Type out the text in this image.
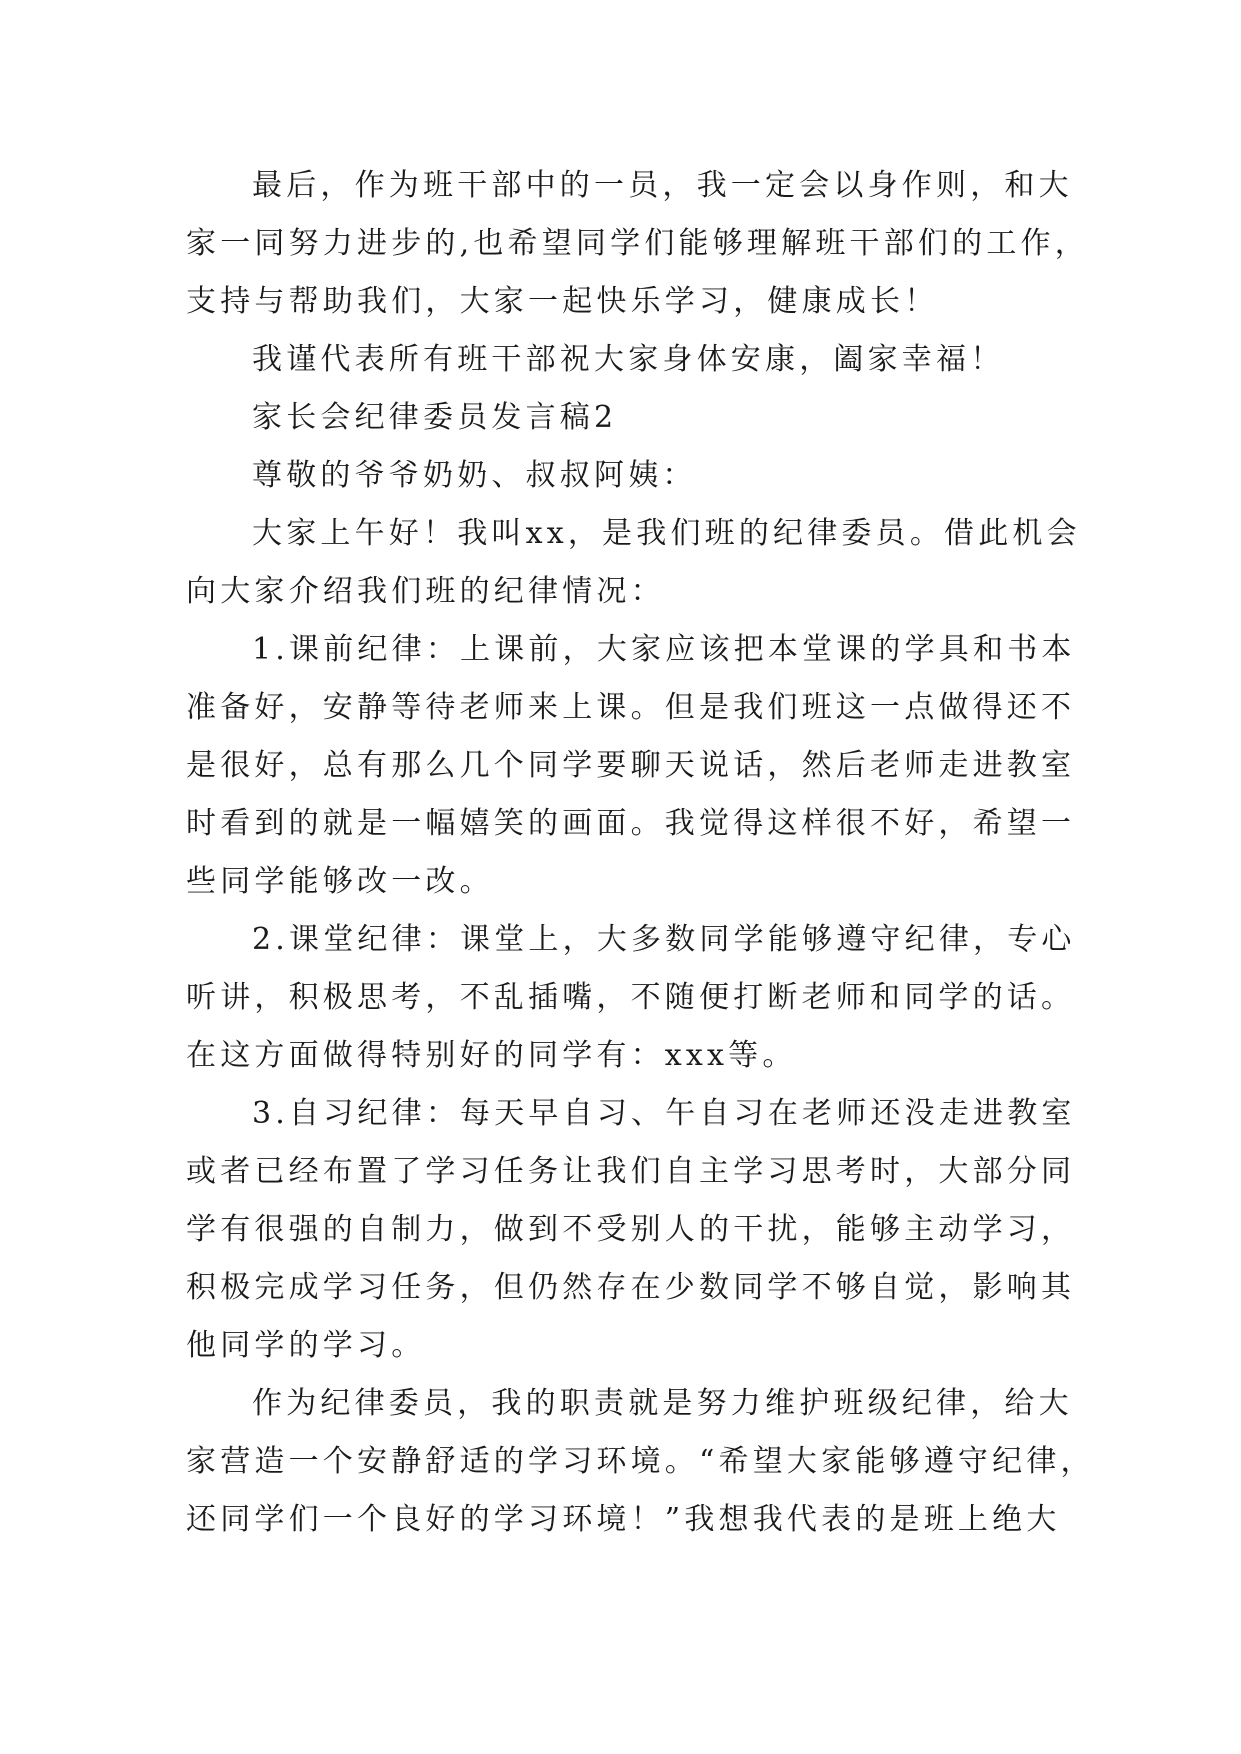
最后，作为班干部中的一员，我一定会以身作则，和大
家一同努力进步的,也希望同学们能够理解班干部们的工作，
支持与帮助我们，大家一起快乐学习，健康成长！
我谨代表所有班干部祝大家身体安康，阖家幸福！
家长会纪律委员发言稿2
尊敬的爷爷奶奶、叔叔阿姨：
大家上午好！我叫xx，是我们班的纪律委员。借此机会
向大家介绍我们班的纪律情况：
1.课前纪律：上课前，大家应该把本堂课的学具和书本
准备好，安静等待老师来上课。但是我们班这一点做得还不
是很好，总有那么几个同学要聊天说话，然后老师走进教室
时看到的就是一幅嬉笑的画面。我觉得这样很不好，希望一
些同学能够改一改。
2.课堂纪律：课堂上，大多数同学能够遵守纪律，专心
听讲，积极思考，不乱插嘴，不随便打断老师和同学的话。
在这方面做得特别好的同学有：xxx等。
3.自习纪律：每天早自习、午自习在老师还没走进教室
或者已经布置了学习任务让我们自主学习思考时，大部分同
学有很强的自制力，做到不受别人的干扰，能够主动学习，
积极完成学习任务，但仍然存在少数同学不够自觉，影响其
他同学的学习。
作为纪律委员，我的职责就是努力维护班级纪律，给大
家营造一个安静舒适的学习环境。“希望大家能够遵守纪律，
还同学们一个良好的学习环境！”我想我代表的是班上绝大
